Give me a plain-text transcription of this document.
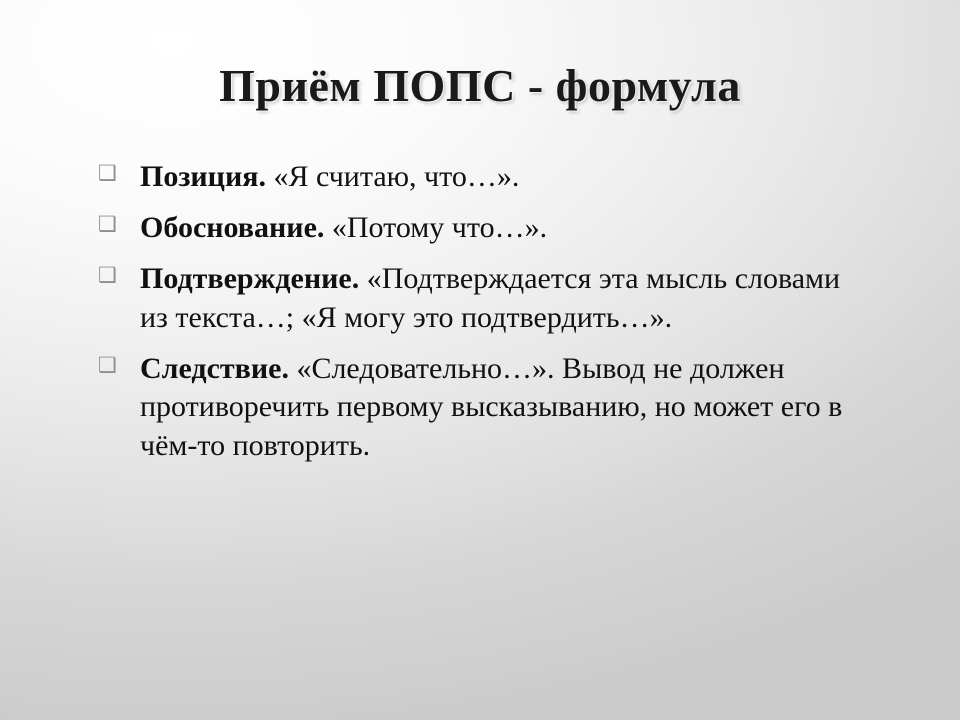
Приём ПОПС - формула
❑ Позиция. «Я считаю, что…».
❑ Обоснование. «Потому что…».
❑ Подтверждение. «Подтверждается эта мысль словами из текста…; «Я могу это подтвердить…».
❑ Следствие. «Следовательно…». Вывод не должен противоречить первому высказыванию, но может его в чём-то повторить.
